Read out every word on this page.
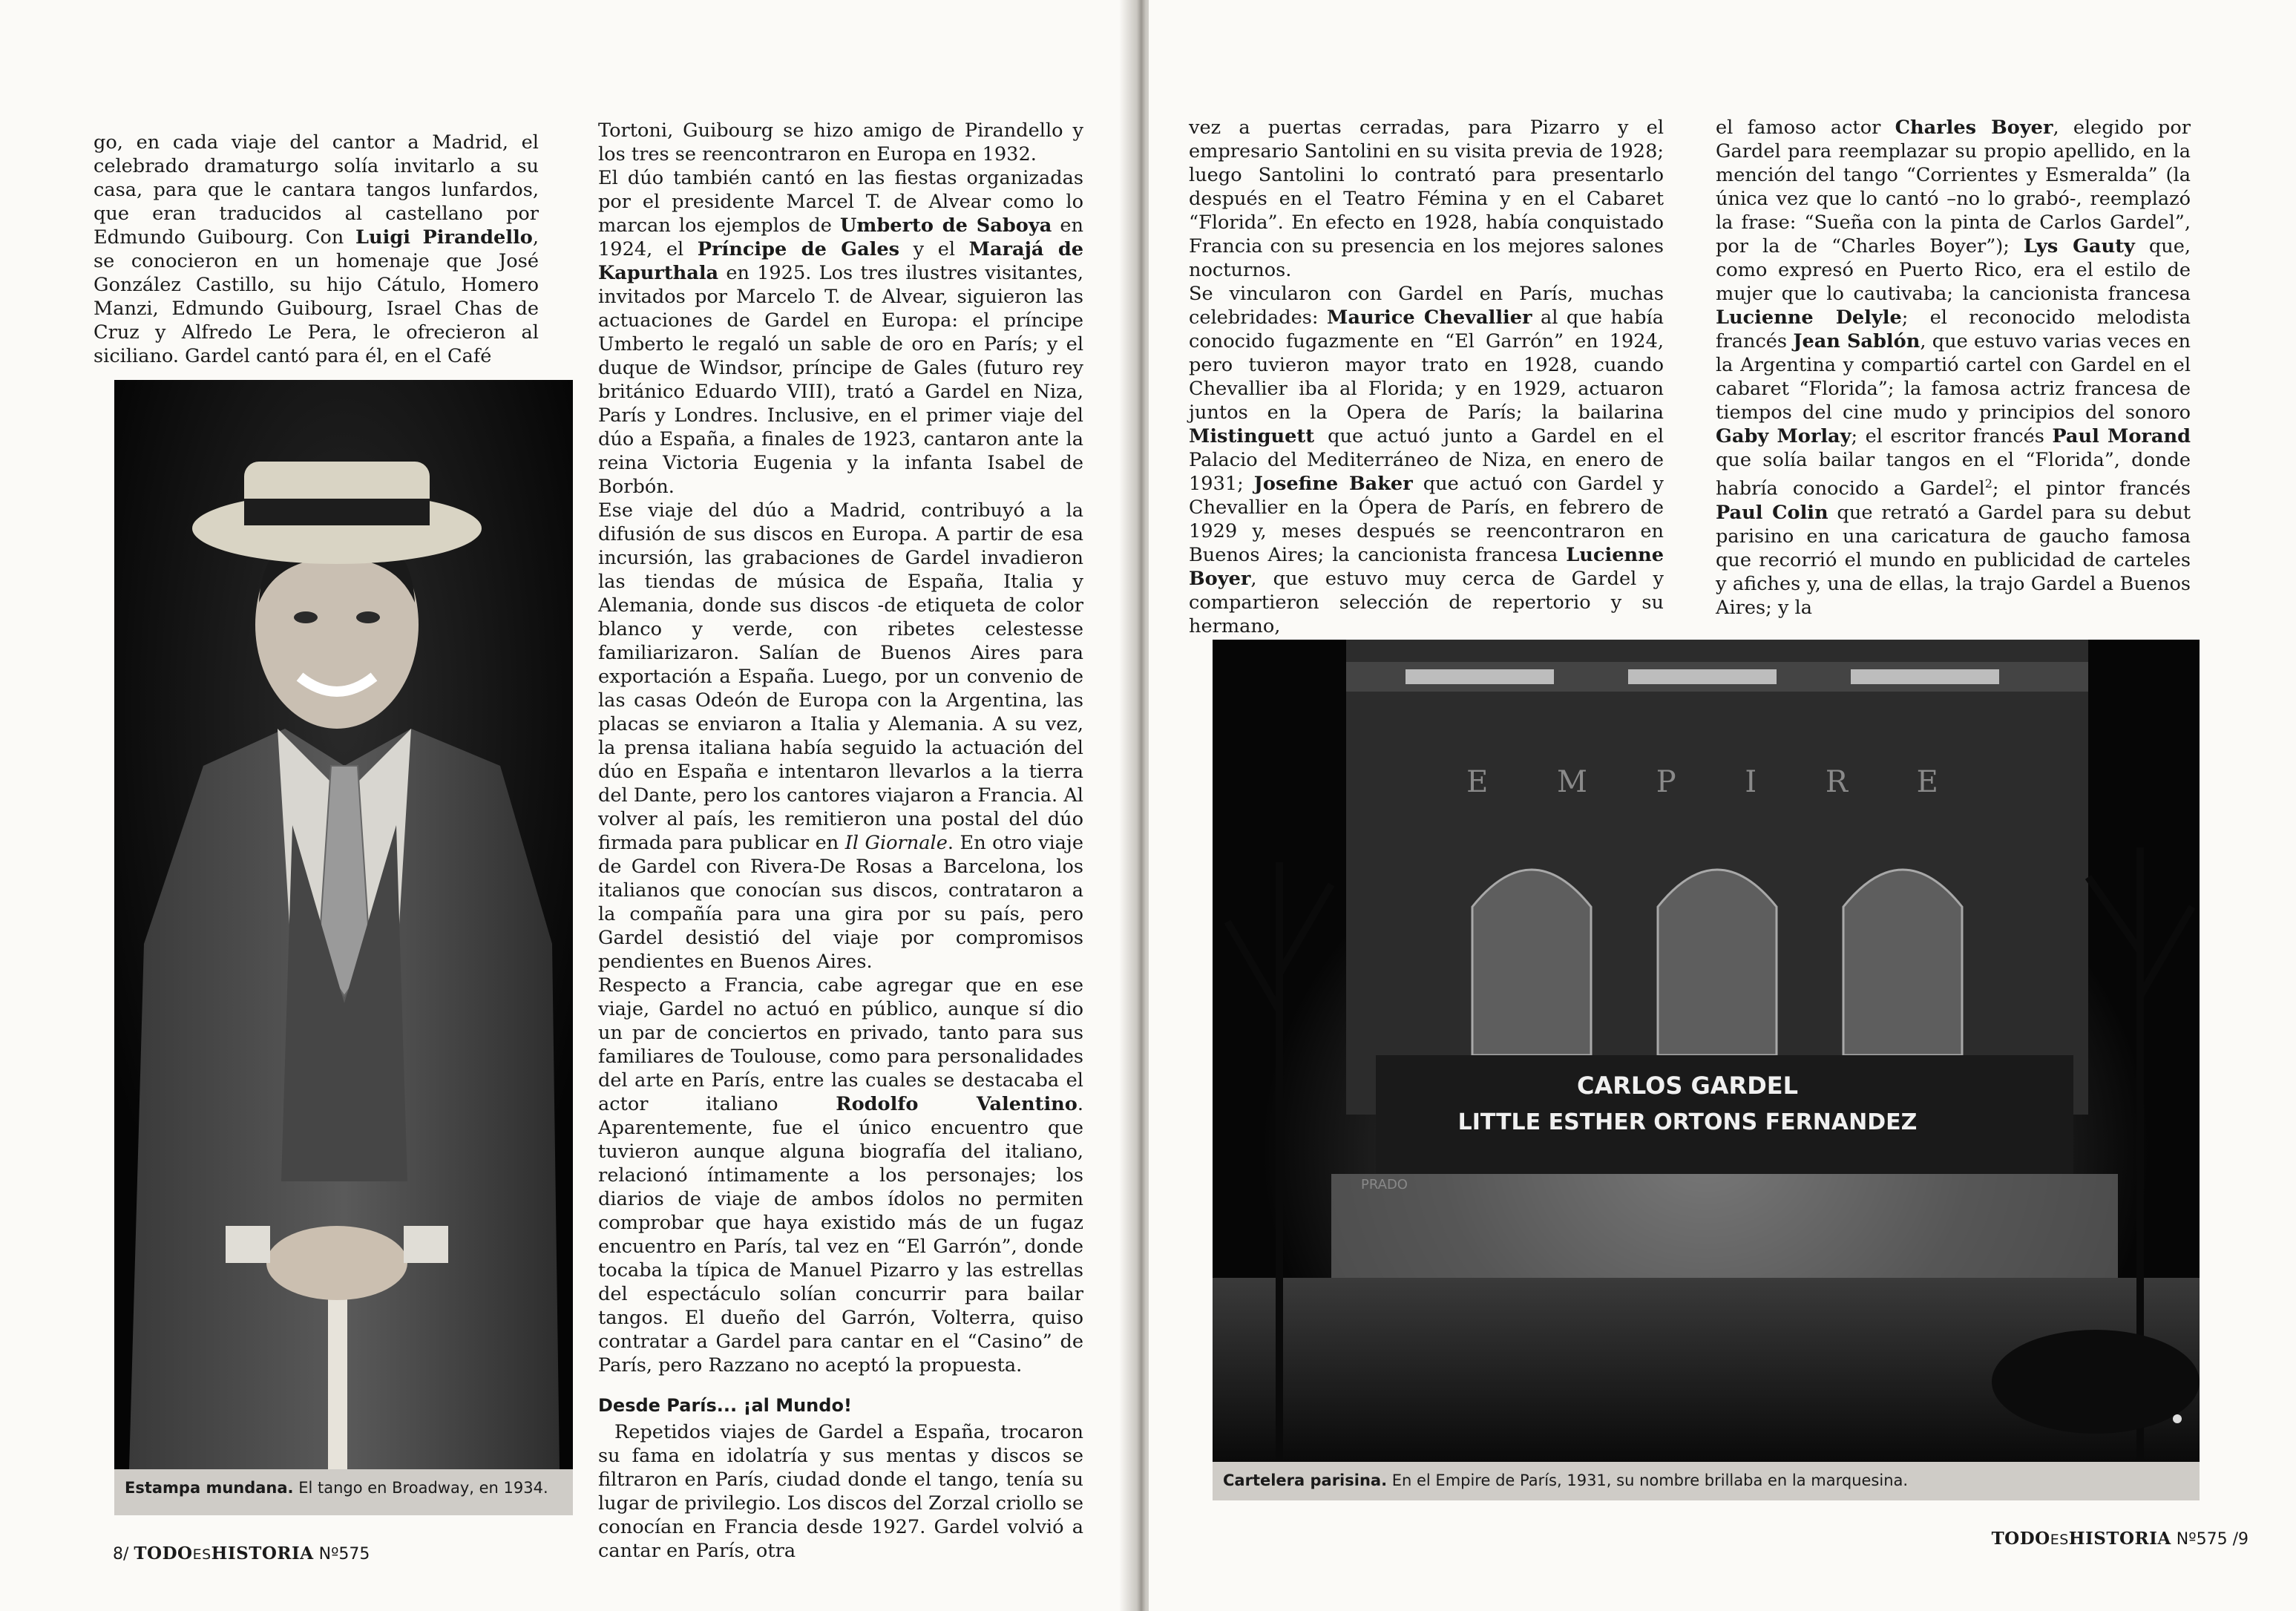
go, en cada viaje del cantor a Madrid, el celebrado dramaturgo solía invitarlo a su casa, para que le cantara tangos lunfardos, que eran traducidos al castellano por Edmundo Guibourg. Con Luigi Pirandello, se conocieron en un homenaje que José González Castillo, su hijo Cátulo, Homero Manzi, Edmundo Guibourg, Israel Chas de Cruz y Alfredo Le Pera, le ofrecieron al siciliano. Gardel cantó para él, en el Café

Estampa mundana. El tango en Broadway, en 1934.

Tortoni, Guibourg se hizo amigo de Pirandello y los tres se reencontraron en Europa en 1932.

El dúo también cantó en las fiestas organizadas por el presidente Marcel T. de Alvear como lo marcan los ejemplos de Umberto de Saboya en 1924, el Príncipe de Gales y el Marajá de Kapurthala en 1925. Los tres ilustres visitantes, invitados por Marcelo T. de Alvear, siguieron las actuaciones de Gardel en Europa: el príncipe Umberto le regaló un sable de oro en París; y el duque de Windsor, príncipe de Gales (futuro rey británico Eduardo VIII), trató a Gardel en Niza, París y Londres. Inclusive, en el primer viaje del dúo a España, a finales de 1923, cantaron ante la reina Victoria Eugenia y la infanta Isabel de Borbón.

Ese viaje del dúo a Madrid, contribuyó a la difusión de sus discos en Europa. A partir de esa incursión, las grabaciones de Gardel invadieron las tiendas de música de España, Italia y Alemania, donde sus discos -de etiqueta de color blanco y verde, con ribetes celestesse familiarizaron. Salían de Buenos Aires para exportación a España. Luego, por un convenio de las casas Odeón de Europa con la Argentina, las placas se enviaron a Italia y Alemania. A su vez, la prensa italiana había seguido la actuación del dúo en España e intentaron llevarlos a la tierra del Dante, pero los cantores viajaron a Francia. Al volver al país, les remitieron una postal del dúo firmada para publicar en Il Giornale. En otro viaje de Gardel con Rivera-De Rosas a Barcelona, los italianos que conocían sus discos, contrataron a la compañía para una gira por su país, pero Gardel desistió del viaje por compromisos pendientes en Buenos Aires.

Respecto a Francia, cabe agregar que en ese viaje, Gardel no actuó en público, aunque sí dio un par de conciertos en privado, tanto para sus familiares de Toulouse, como para personalidades del arte en París, entre las cuales se destacaba el actor italiano Rodolfo Valentino. Aparentemente, fue el único encuentro que tuvieron aunque alguna biografía del italiano, relacionó íntimamente a los personajes; los diarios de viaje de ambos ídolos no permiten comprobar que haya existido más de un fugaz encuentro en París, tal vez en “El Garrón”, donde tocaba la típica de Manuel Pizarro y las estrellas del espectáculo solían concurrir para bailar tangos. El dueño del Garrón, Volterra, quiso contratar a Gardel para cantar en el “Casino” de París, pero Razzano no aceptó la propuesta.

Desde París... ¡al Mundo!

Repetidos viajes de Gardel a España, trocaron su fama en idolatría y sus mentas y discos se filtraron en París, ciudad donde el tango, tenía su lugar de privilegio. Los discos del Zorzal criollo se conocían en Francia desde 1927. Gardel volvió a cantar en París, otra

8/ TODOESHISTORIA Nº575

vez a puertas cerradas, para Pizarro y el empresario Santolini en su visita previa de 1928; luego Santolini lo contrató para presentarlo después en el Teatro Fémina y en el Cabaret “Florida”. En efecto en 1928, había conquistado Francia con su presencia en los mejores salones nocturnos.

Se vincularon con Gardel en París, muchas celebridades: Maurice Chevallier al que había conocido fugazmente en “El Garrón” en 1924, pero tuvieron mayor trato en 1928, cuando Chevallier iba al Florida; y en 1929, actuaron juntos en la Opera de París; la bailarina Mistinguett que actuó junto a Gardel en el Palacio del Mediterráneo de Niza, en enero de 1931; Josefine Baker que actuó con Gardel y Chevallier en la Ópera de París, en febrero de 1929 y, meses después se reencontraron en Buenos Aires; la cancionista francesa Lucienne Boyer, que estuvo muy cerca de Gardel y compartieron selección de repertorio y su hermano,

el famoso actor Charles Boyer, elegido por Gardel para reemplazar su propio apellido, en la mención del tango “Corrientes y Esmeralda” (la única vez que lo cantó –no lo grabó-, reemplazó la frase: “Sueña con la pinta de Carlos Gardel”, por la de “Charles Boyer”); Lys Gauty que, como expresó en Puerto Rico, era el estilo de mujer que lo cautivaba; la cancionista francesa Lucienne Delyle; el reconocido melodista francés Jean Sablón, que estuvo varias veces en la Argentina y compartió cartel con Gardel en el cabaret “Florida”; la famosa actriz francesa de tiempos del cine mudo y principios del sonoro Gaby Morlay; el escritor francés Paul Morand que solía bailar tangos en el “Florida”, donde habría conocido a Gardel$^2$; el pintor francés Paul Colin que retrató a Gardel para su debut parisino en una caricatura de gaucho famosa que recorrió el mundo en publicidad de carteles y afiches y, una de ellas, la trajo Gardel a Buenos Aires; y la

E M P I R E
CARLOS GARDEL
LITTLE ESTHER ORTONS FERNANDEZ
Cartelera parisina. En el Empire de París, 1931, su nombre brillaba en la marquesina.
TODOESHISTORIA Nº575 /9
